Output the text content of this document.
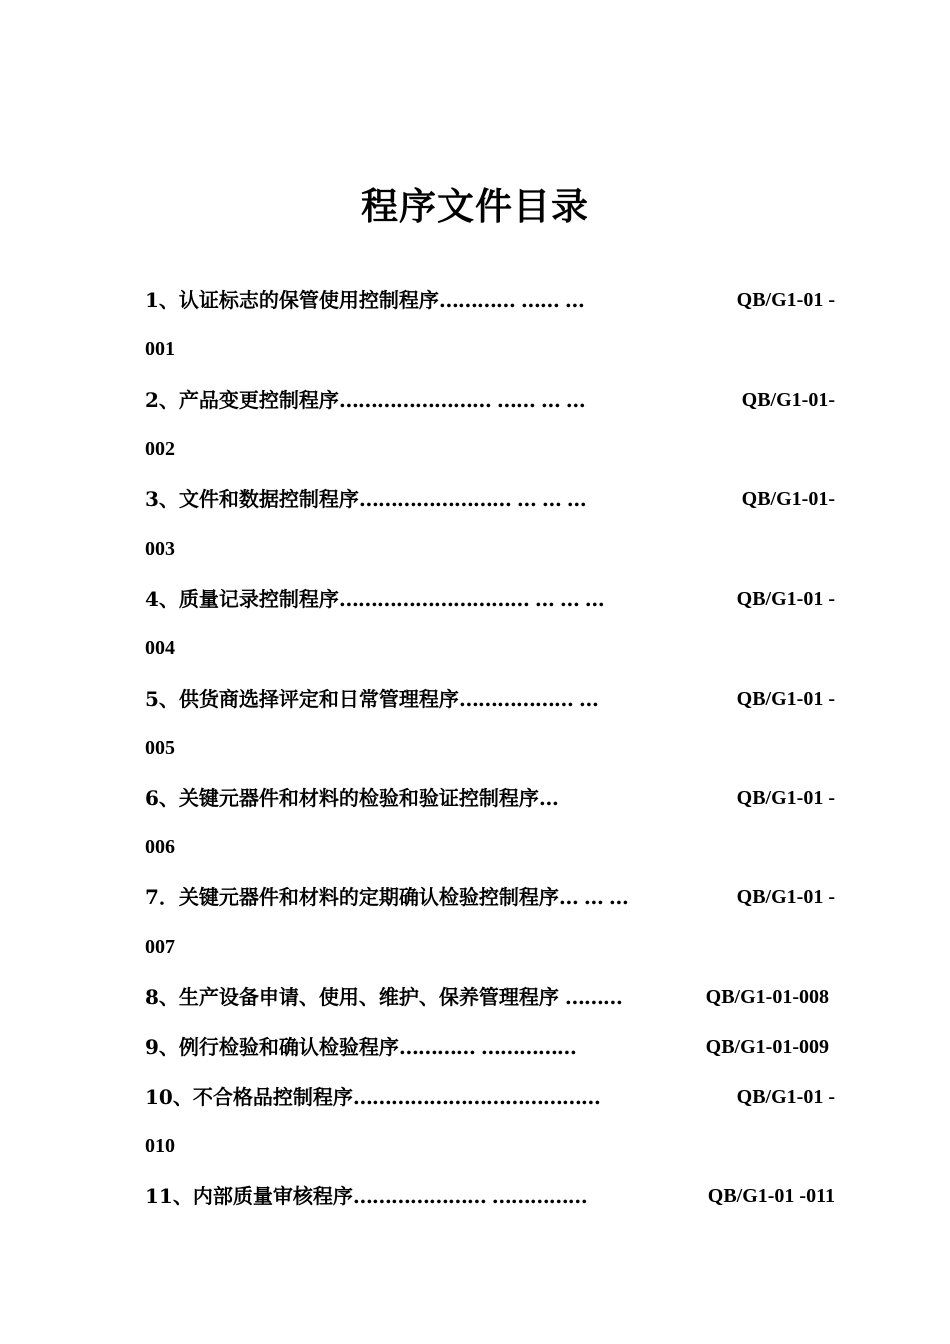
程序文件目录
1、认证标志的保管使用控制程序………… …… …	QB/G1-01 -
001
2、产品变更控制程序…………………… …… … …	QB/G1-01-
002
3、文件和数据控制程序…………………… … … …	QB/G1-01-
003
4、质量记录控制程序………………………… … … …	QB/G1-01 -
004
5、供货商选择评定和日常管理程序……………… …	QB/G1-01 -
005
6、关键元器件和材料的检验和验证控制程序…	QB/G1-01 -
006
7．关键元器件和材料的定期确认检验控制程序… … …	QB/G1-01 -
007
8、生产设备申请、使用、维护、保养管理程序 ………	QB/G1-01-008
9、例行检验和确认检验程序………… ……………	QB/G1-01-009
10、不合格品控制程序…………………………………	QB/G1-01 -
010
11、内部质量审核程序………………… ……………	QB/G1-01 -011
